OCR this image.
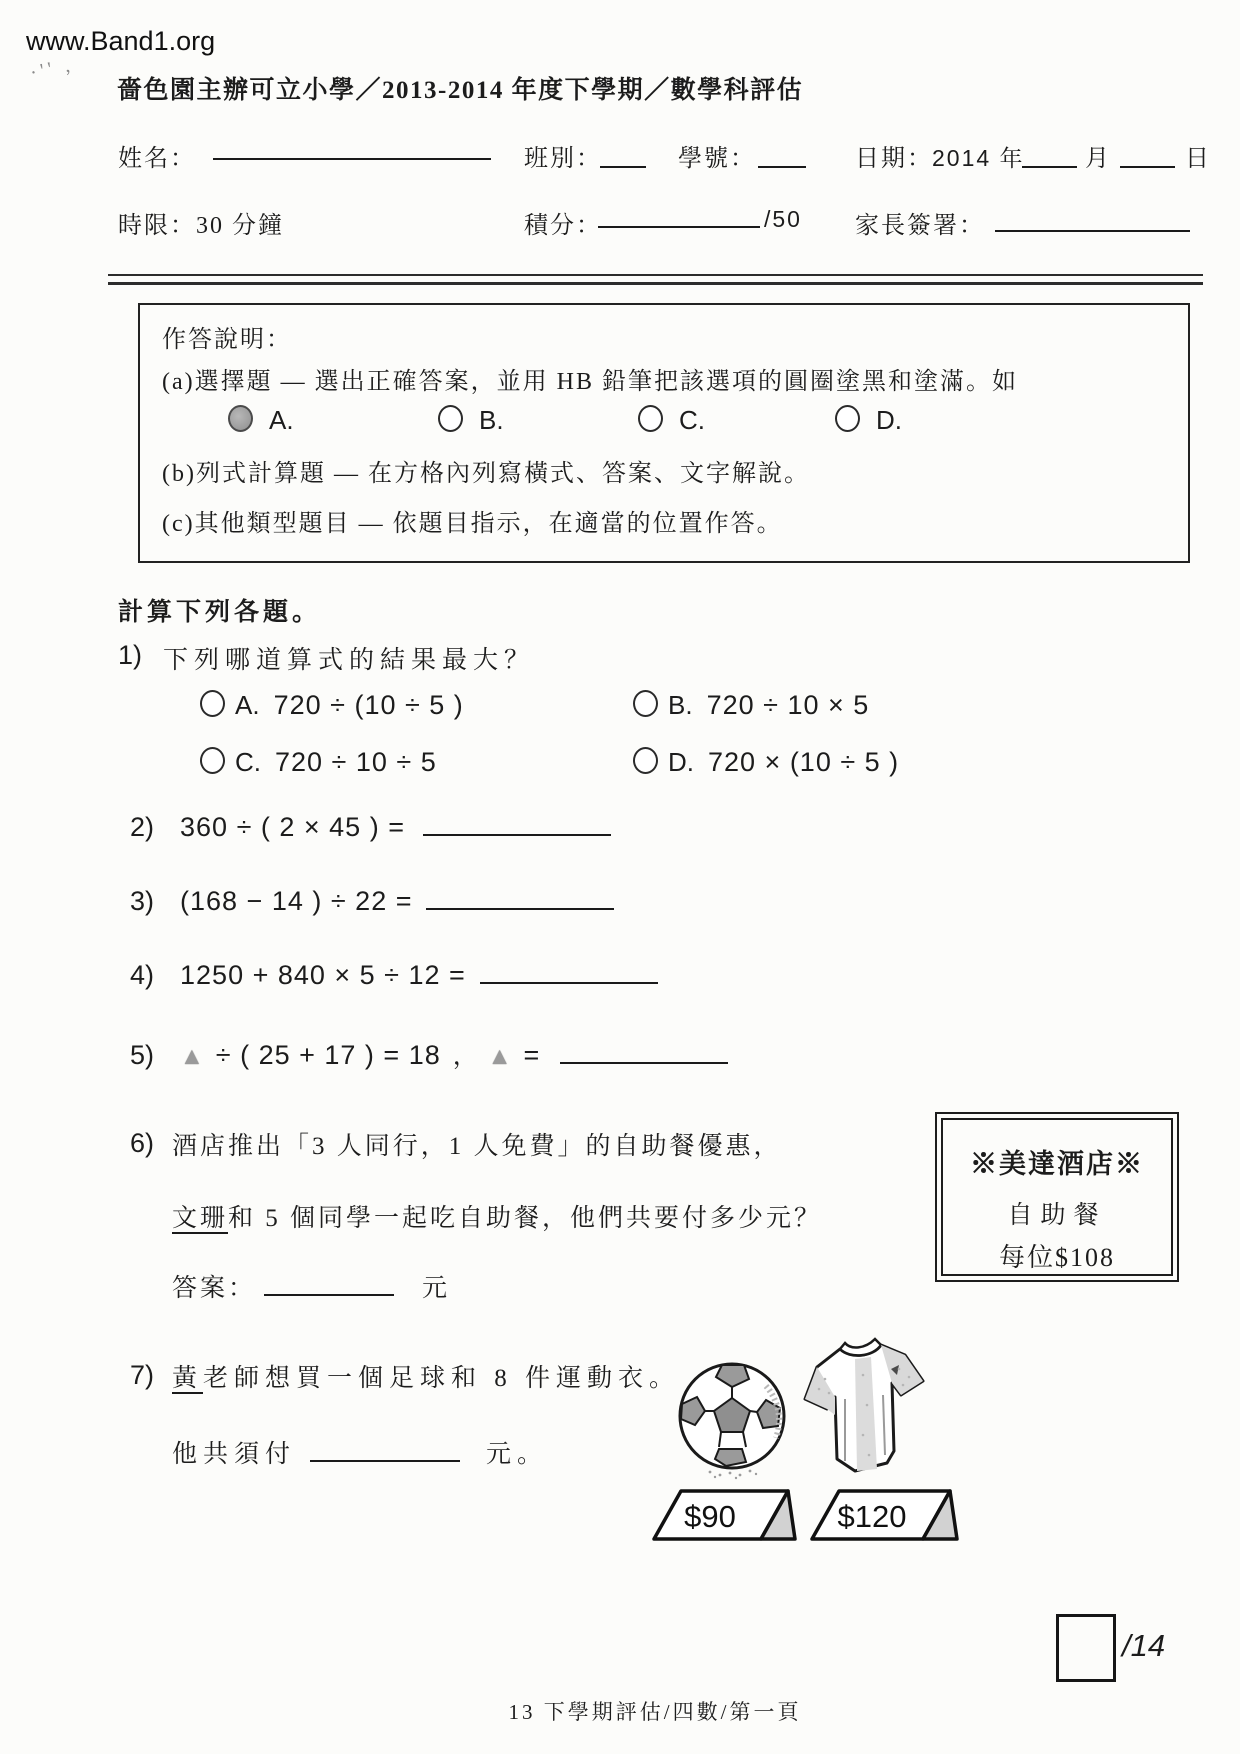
www.Band1.org
·'' ,
嗇色園主辦可立小學／2013-2014 年度下學期／數學科評估
姓名：	班別：	學號：	日期： 2014 年	月	日
時限： 30 分鐘	積分：	/50 家長簽署：
作答說明：
(a)選擇題 — 選出正確答案，並用 HB 鉛筆把該選項的圓圈塗黑和塗滿。如
A.	B.	C.	D.
(b)列式計算題 — 在方格內列寫橫式、答案、文字解說。
(c)其他類型題目 — 依題目指示，在適當的位置作答。
計算下列各題。
1) 下列哪道算式的結果最大？
A. 720 ÷ (10 ÷ 5 )	B. 720 ÷ 10 × 5
C. 720 ÷ 10 ÷ 5	D. 720 × (10 ÷ 5 )
2) 360 ÷ ( 2 × 45 ) =
3) (168 − 14 ) ÷ 22 =
4) 1250 + 840 × 5 ÷ 12 =
5) ▲ ÷ ( 25 + 17 ) = 18 ， ▲ =
6) 酒店推出「3 人同行，1 人免費」的自助餐優惠，
文珊和 5 個同學一起吃自助餐，他們共要付多少元？
答案：	元
※美達酒店※
自助餐
每位$108
7) 黃老師想買一個足球和 8 件運動衣。
他共須付	元。
$90	$120
/14
13 下學期評估/四數/第一頁
